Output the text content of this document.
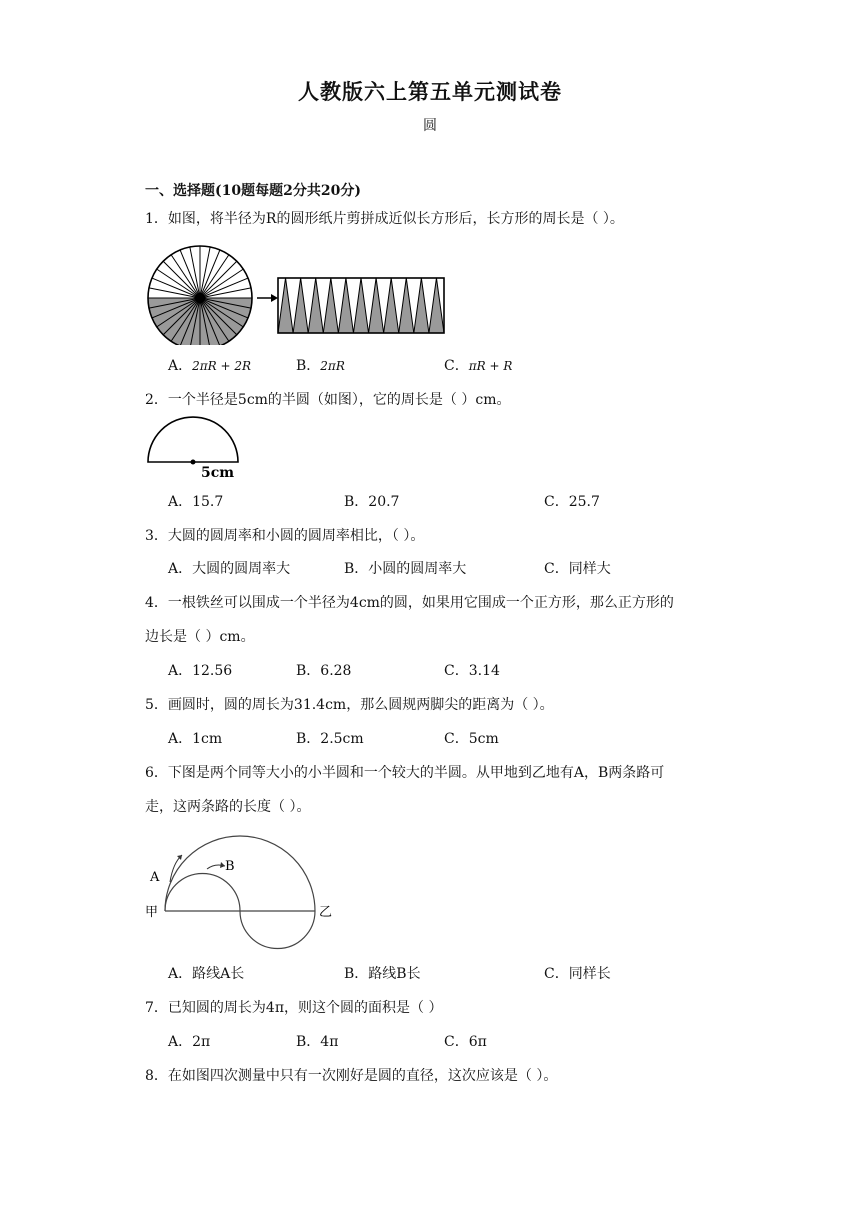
人教版六上第五单元测试卷
圆
一、选择题(10题每题2分共20分)
1．如图，将半径为R的圆形纸片剪拼成近似长方形后，长方形的周长是（ ）。
A．2πR + 2R	B．2πR	C．πR + R
2．一个半径是5cm的半圆（如图），它的周长是（ ）cm。
5cm
A．15.7	B．20.7	C．25.7
3．大圆的圆周率和小圆的圆周率相比，（ ）。
A．大圆的圆周率大	B．小圆的圆周率大	C．同样大
4．一根铁丝可以围成一个半径为4cm的圆，如果用它围成一个正方形，那么正方形的
边长是（ ）cm。
A．12.56	B．6.28	C．3.14
5．画圆时，圆的周长为31.4cm，那么圆规两脚尖的距离为（ ）。
A．1cm	B．2.5cm	C．5cm
6．下图是两个同等大小的小半圆和一个较大的半圆。从甲地到乙地有A，B两条路可
走，这两条路的长度（ ）。
A
B
甲	乙
A．路线A长	B．路线B长	C．同样长
7．已知圆的周长为4π，则这个圆的面积是（ ）
A．2π	B．4π	C．6π
8．在如图四次测量中只有一次刚好是圆的直径，这次应该是（ ）。
